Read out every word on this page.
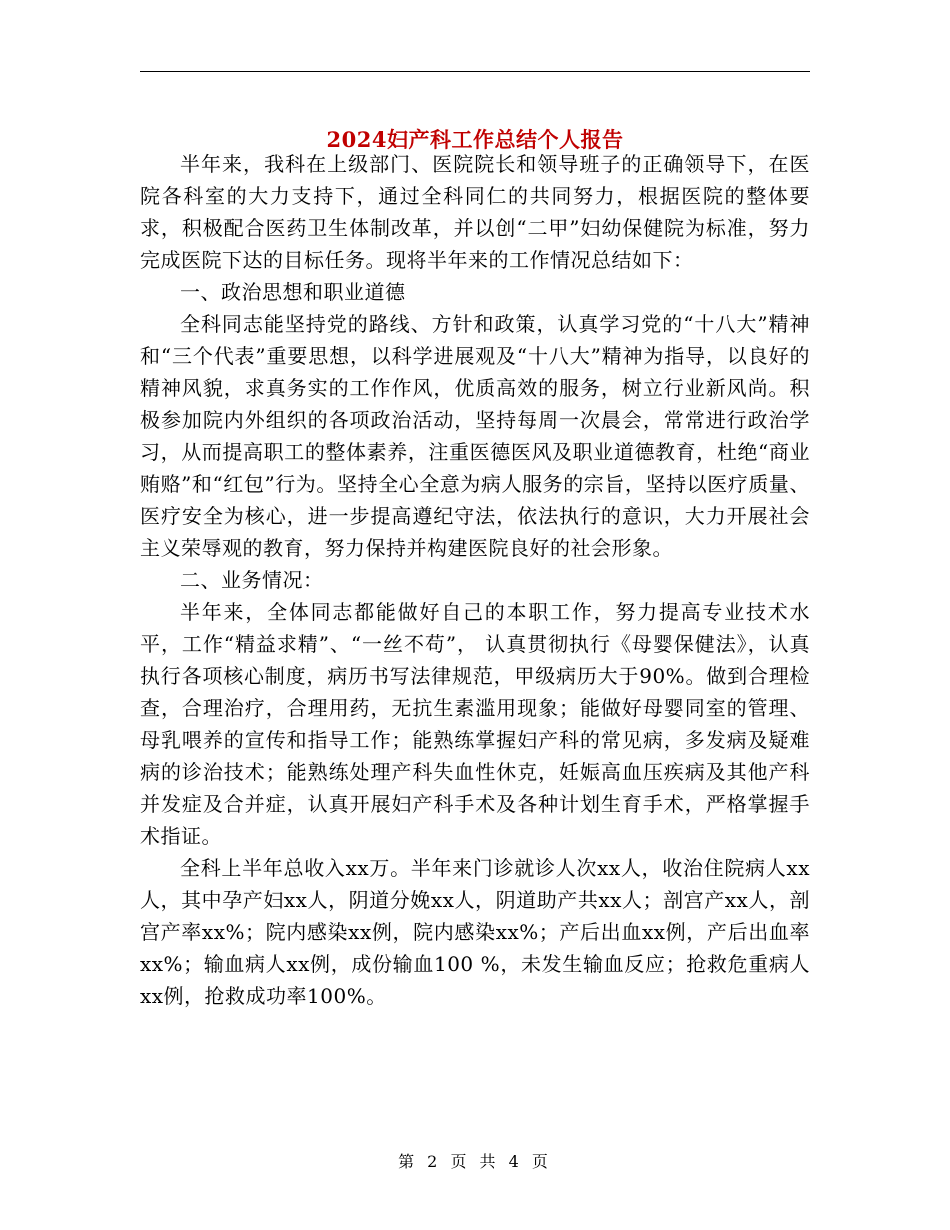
2024妇产科工作总结个人报告

半年来，我科在上级部门、医院院长和领导班子的正确领导下，在医院各科室的大力支持下，通过全科同仁的共同努力，根据医院的整体要求，积极配合医药卫生体制改革，并以创“二甲”妇幼保健院为标准，努力完成医院下达的目标任务。现将半年来的工作情况总结如下：

一、政治思想和职业道德

全科同志能坚持党的路线、方针和政策，认真学习党的“十八大”精神和“三个代表”重要思想，以科学进展观及“十八大”精神为指导，以良好的精神风貌，求真务实的工作作风，优质高效的服务，树立行业新风尚。积极参加院内外组织的各项政治活动，坚持每周一次晨会，常常进行政治学习，从而提高职工的整体素养，注重医德医风及职业道德教育，杜绝“商业贿赂”和“红包”行为。坚持全心全意为病人服务的宗旨，坚持以医疗质量、医疗安全为核心，进一步提高遵纪守法，依法执行的意识，大力开展社会主义荣辱观的教育，努力保持并构建医院良好的社会形象。

二、业务情况：

半年来，全体同志都能做好自己的本职工作，努力提高专业技术水平，工作“精益求精”、“一丝不苟”， 认真贯彻执行《母婴保健法》，认真执行各项核心制度，病历书写法律规范，甲级病历大于90%。做到合理检查，合理治疗，合理用药，无抗生素滥用现象；能做好母婴同室的管理、母乳喂养的宣传和指导工作；能熟练掌握妇产科的常见病，多发病及疑难病的诊治技术；能熟练处理产科失血性休克，妊娠高血压疾病及其他产科并发症及合并症，认真开展妇产科手术及各种计划生育手术，严格掌握手术指证。

全科上半年总收入xx万。半年来门诊就诊人次xx人，收治住院病人xx人，其中孕产妇xx人，阴道分娩xx人，阴道助产共xx人；剖宫产xx人，剖宫产率xx%；院内感染xx例，院内感染xx%；产后出血xx例，产后出血率xx%；输血病人xx例，成份输血100 %，未发生输血反应；抢救危重病人xx例，抢救成功率100%。

第 2 页 共 4 页
